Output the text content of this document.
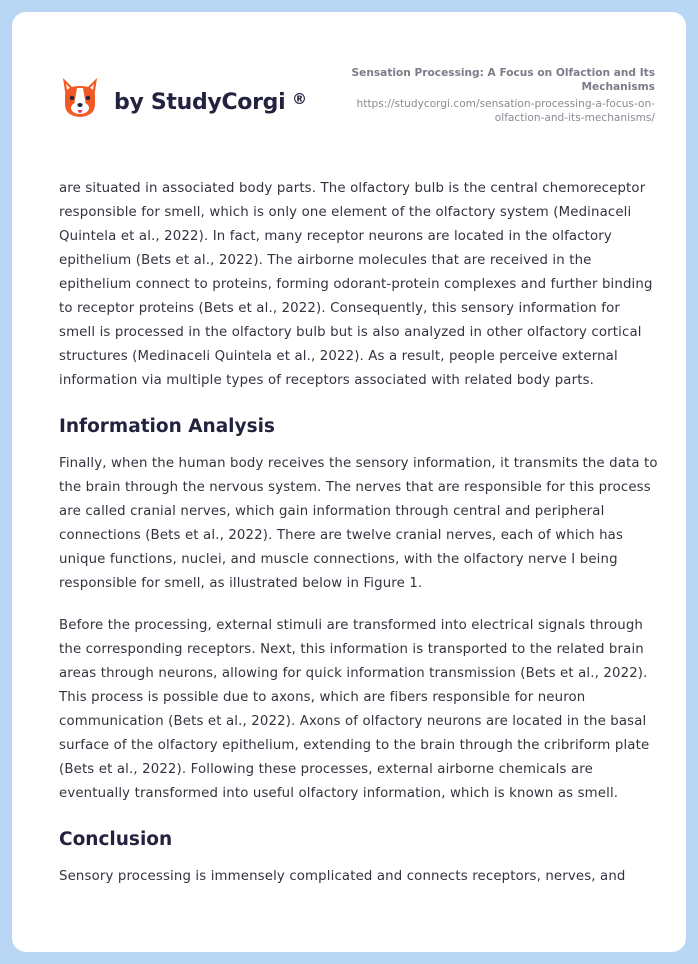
by StudyCorgi ®
Sensation Processing: A Focus on Olfaction and Its Mechanisms
https://studycorgi.com/sensation-processing-a-focus-on-olfaction-and-its-mechanisms/

are situated in associated body parts. The olfactory bulb is the central chemoreceptor responsible for smell, which is only one element of the olfactory system (Medinaceli Quintela et al., 2022). In fact, many receptor neurons are located in the olfactory epithelium (Bets et al., 2022). The airborne molecules that are received in the epithelium connect to proteins, forming odorant-protein complexes and further binding to receptor proteins (Bets et al., 2022). Consequently, this sensory information for smell is processed in the olfactory bulb but is also analyzed in other olfactory cortical structures (Medinaceli Quintela et al., 2022). As a result, people perceive external information via multiple types of receptors associated with related body parts.

Information Analysis

Finally, when the human body receives the sensory information, it transmits the data to the brain through the nervous system. The nerves that are responsible for this process are called cranial nerves, which gain information through central and peripheral connections (Bets et al., 2022). There are twelve cranial nerves, each of which has unique functions, nuclei, and muscle connections, with the olfactory nerve I being responsible for smell, as illustrated below in Figure 1.

Before the processing, external stimuli are transformed into electrical signals through the corresponding receptors. Next, this information is transported to the related brain areas through neurons, allowing for quick information transmission (Bets et al., 2022). This process is possible due to axons, which are fibers responsible for neuron communication (Bets et al., 2022). Axons of olfactory neurons are located in the basal surface of the olfactory epithelium, extending to the brain through the cribriform plate (Bets et al., 2022). Following these processes, external airborne chemicals are eventually transformed into useful olfactory information, which is known as smell.

Conclusion

Sensory processing is immensely complicated and connects receptors, nerves, and
